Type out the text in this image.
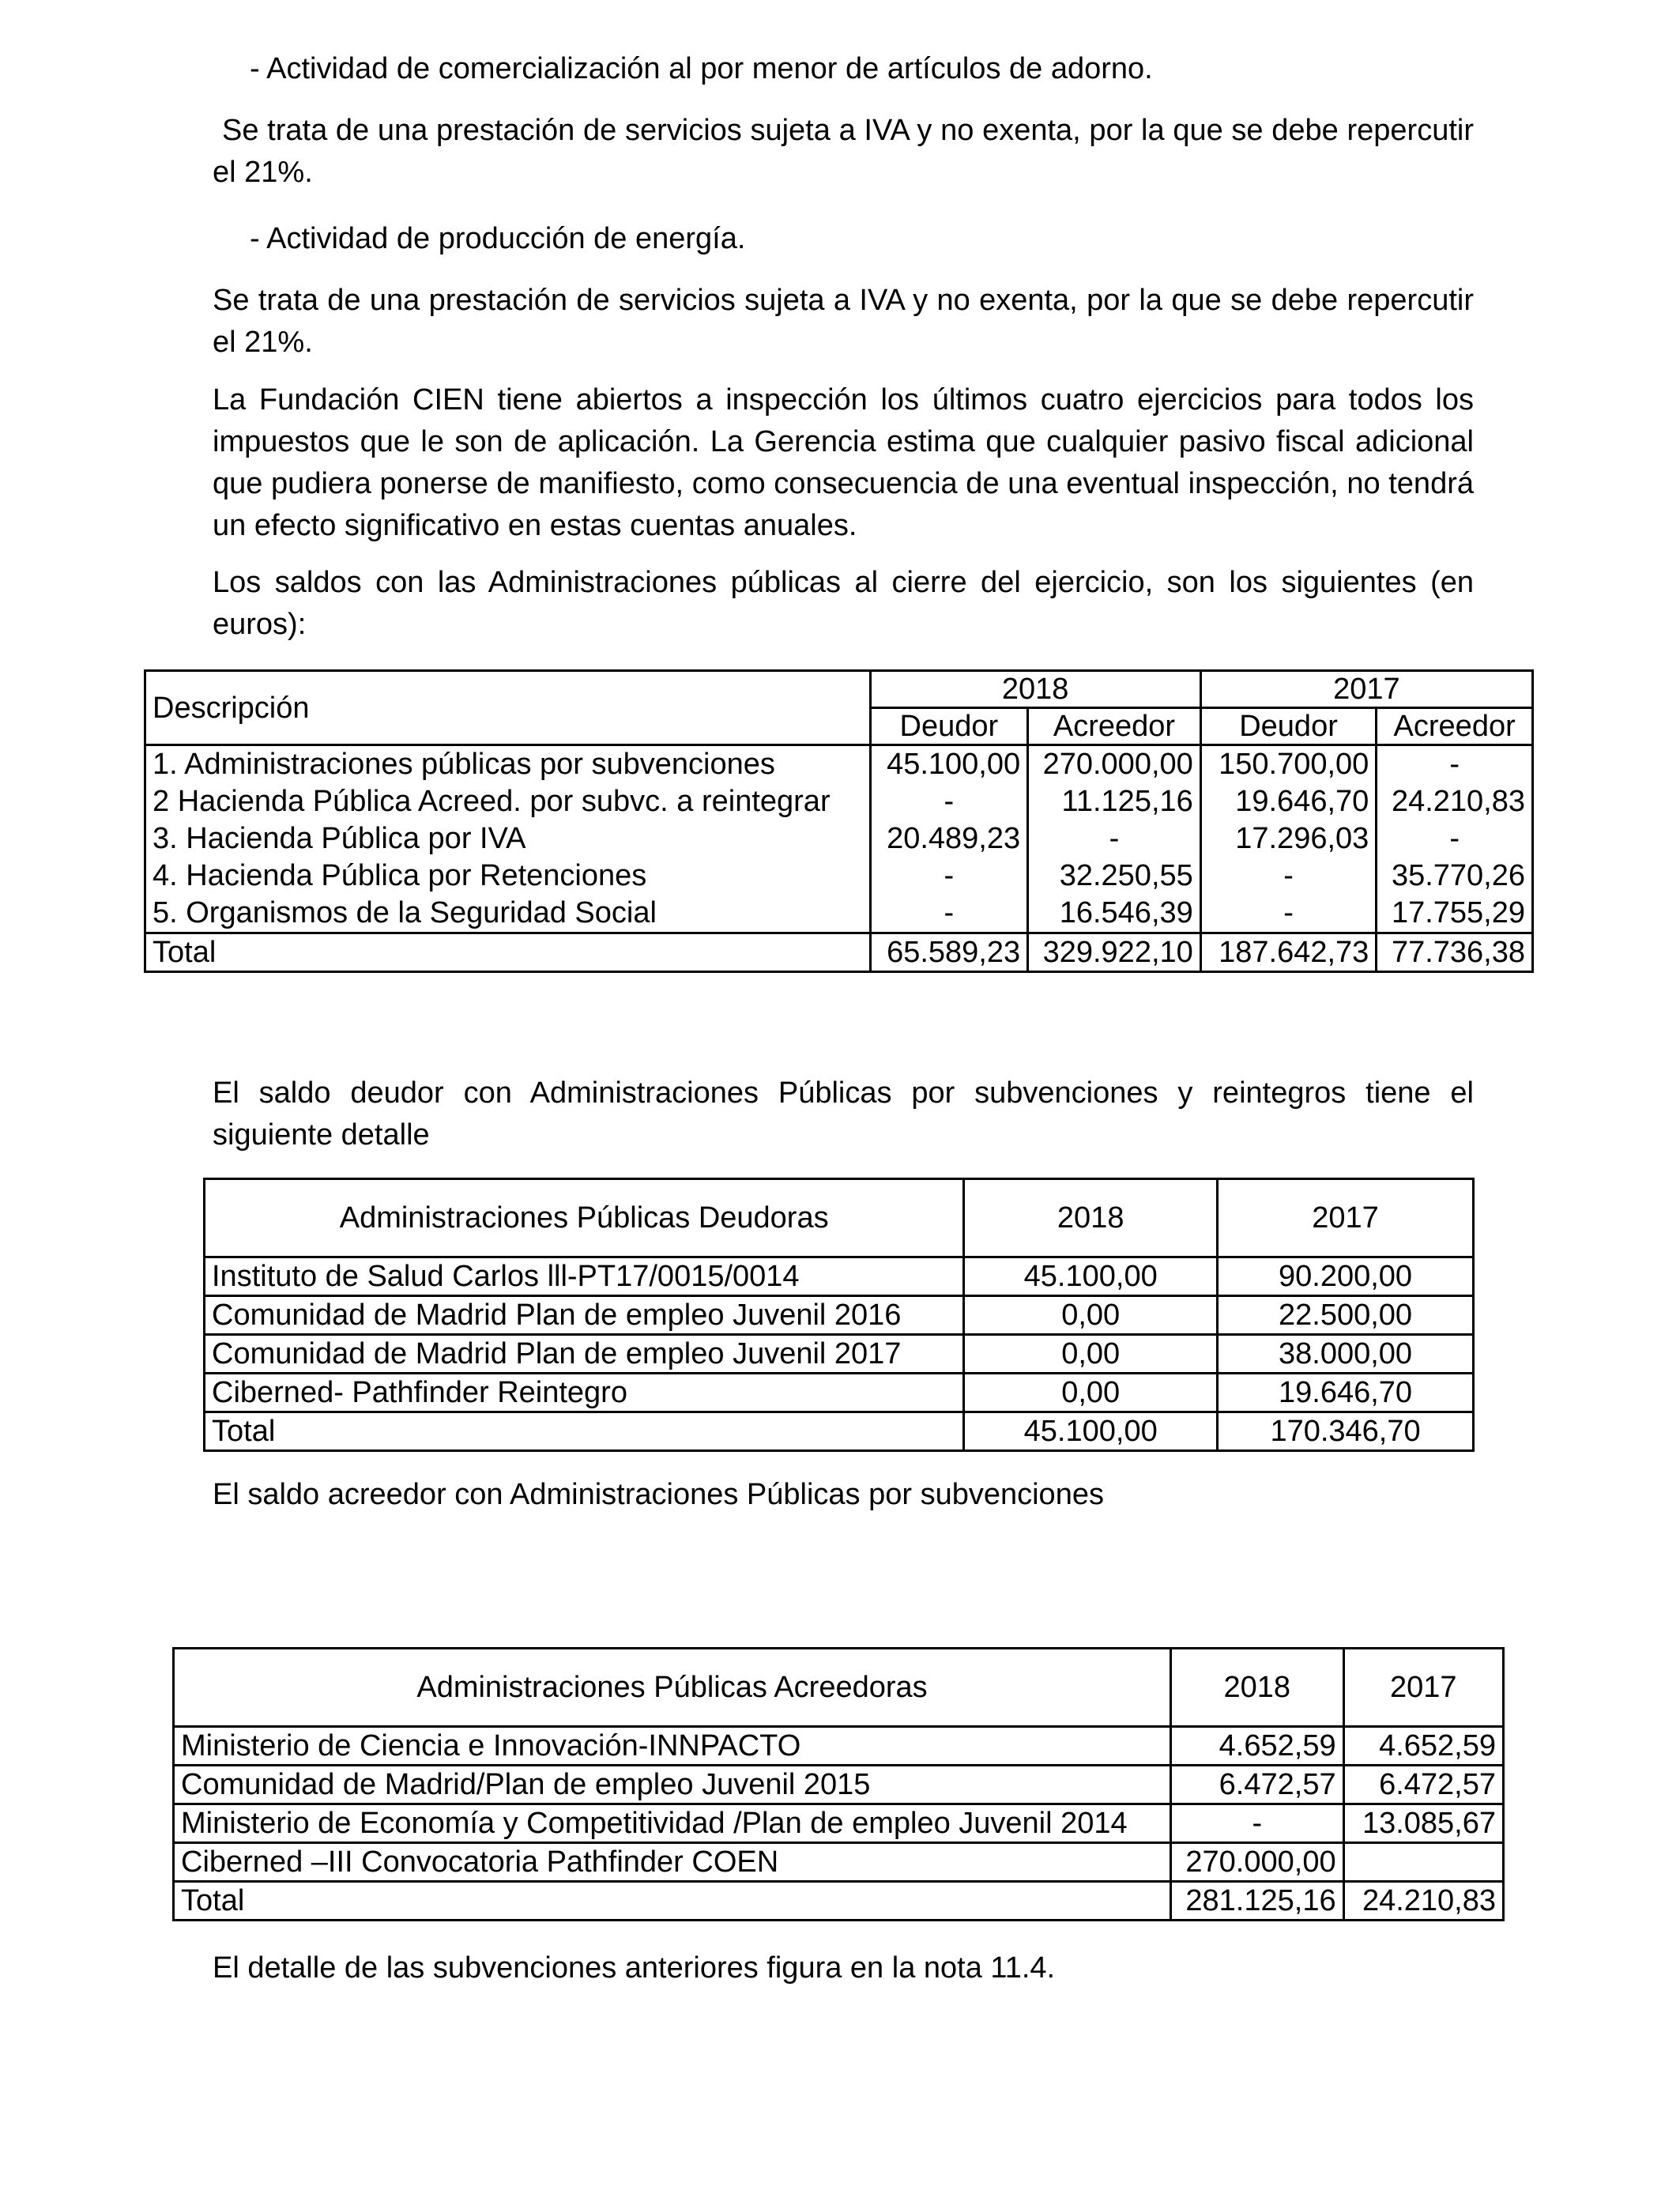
- Actividad de comercialización al por menor de artículos de adorno.

Se trata de una prestación de servicios sujeta a IVA y no exenta, por la que se debe repercutir el 21%.

- Actividad de producción de energía.

Se trata de una prestación de servicios sujeta a IVA y no exenta, por la que se debe repercutir el 21%.

La Fundación CIEN tiene abiertos a inspección los últimos cuatro ejercicios para todos los impuestos que le son de aplicación. La Gerencia estima que cualquier pasivo fiscal adicional que pudiera ponerse de manifiesto, como consecuencia de una eventual inspección, no tendrá un efecto significativo en estas cuentas anuales.

Los saldos con las Administraciones públicas al cierre del ejercicio, son los siguientes (en euros):

Descripción	2018		2017	
	Deudor	Acreedor	Deudor	Acreedor
1. Administraciones públicas por subvenciones	45.100,00	270.000,00	150.700,00	-
2 Hacienda Pública Acreed. por subvc. a reintegrar	-	11.125,16	19.646,70	24.210,83
3. Hacienda Pública por IVA	20.489,23	-	17.296,03	-
4. Hacienda Pública por Retenciones	-	32.250,55	-	35.770,26
5. Organismos de la Seguridad Social	-	16.546,39	-	17.755,29
Total	65.589,23	329.922,10	187.642,73	77.736,38

El saldo deudor con Administraciones Públicas por subvenciones y reintegros tiene el siguiente detalle

Administraciones Públicas Deudoras	2018	2017
Instituto de Salud Carlos lll-PT17/0015/0014	45.100,00	90.200,00
Comunidad de Madrid Plan de empleo Juvenil 2016	0,00	22.500,00
Comunidad de Madrid Plan de empleo Juvenil 2017	0,00	38.000,00
Ciberned- Pathfinder Reintegro	0,00	19.646,70
Total	45.100,00	170.346,70

El saldo acreedor con Administraciones Públicas por subvenciones

Administraciones Públicas Acreedoras	2018	2017
Ministerio de Ciencia e Innovación-INNPACTO	4.652,59	4.652,59
Comunidad de Madrid/Plan de empleo Juvenil 2015	6.472,57	6.472,57
Ministerio de Economía y Competitividad /Plan de empleo Juvenil 2014	-	13.085,67
Ciberned –III Convocatoria Pathfinder COEN	270.000,00	
Total	281.125,16	24.210,83

El detalle de las subvenciones anteriores figura en la nota 11.4.
